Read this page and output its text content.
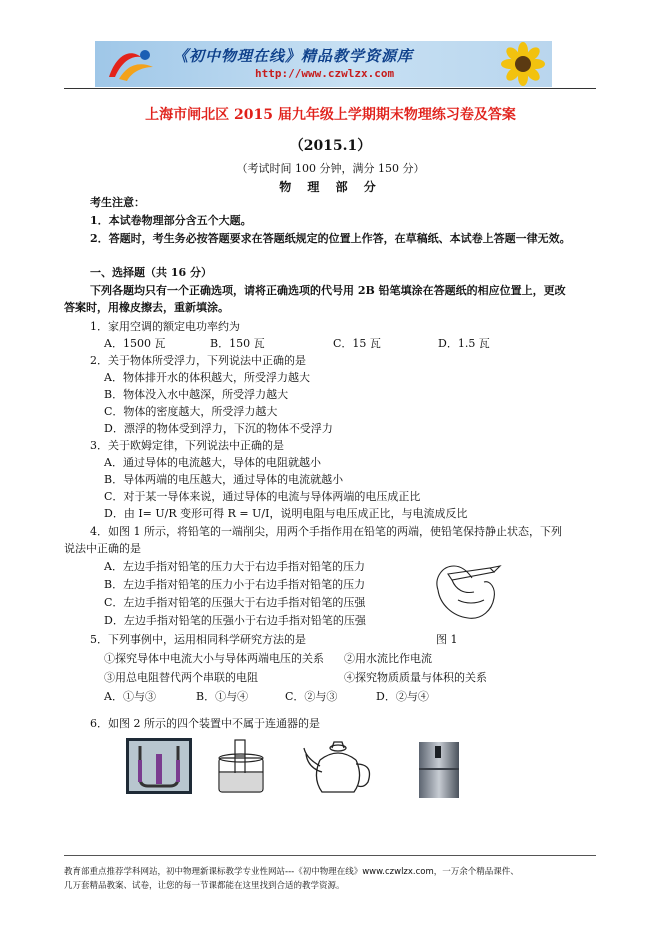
《初中物理在线》精品教学资源库
http://www.czwlzx.com
上海市闸北区 2015 届九年级上学期期末物理练习卷及答案
（2015.1）
（考试时间 100 分钟，满分 150 分）
物 理 部 分
考生注意：
1．本试卷物理部分含五个大题。
2．答题时，考生务必按答题要求在答题纸规定的位置上作答，在草稿纸、本试卷上答题一律无效。
一、选择题（共 16 分）
下列各题均只有一个正确选项，请将正确选项的代号用 2B 铅笔填涂在答题纸的相应位置上，更改
答案时，用橡皮擦去，重新填涂。
1．家用空调的额定电功率约为
A．1500 瓦	B．150 瓦	C．15 瓦	D．1.5 瓦
2．关于物体所受浮力，下列说法中正确的是
A．物体排开水的体积越大，所受浮力越大
B．物体没入水中越深，所受浮力越大
C．物体的密度越大，所受浮力越大
D．漂浮的物体受到浮力，下沉的物体不受浮力
3．关于欧姆定律，下列说法中正确的是
A．通过导体的电流越大，导体的电阻就越小
B．导体两端的电压越大，通过导体的电流就越小
C．对于某一导体来说，通过导体的电流与导体两端的电压成正比
D．由 I= U/R 变形可得 R = U/I，说明电阻与电压成正比，与电流成反比
4．如图 1 所示，将铅笔的一端削尖，用两个手指作用在铅笔的两端，使铅笔保持静止状态，下列
说法中正确的是
A．左边手指对铅笔的压力大于右边手指对铅笔的压力
B．左边手指对铅笔的压力小于右边手指对铅笔的压力
C．左边手指对铅笔的压强大于右边手指对铅笔的压强
D．左边手指对铅笔的压强小于右边手指对铅笔的压强
5．下列事例中，运用相同科学研究方法的是	图 1
①探究导体中电流大小与导体两端电压的关系 ②用水流比作电流
③用总电阻替代两个串联的电阻	④探究物质质量与体积的关系
A．①与③	B．①与④	C．②与③	D．②与④
6．如图 2 所示的四个装置中不属于连通器的是
教育部重点推荐学科网站，初中物理新课标教学专业性网站---《初中物理在线》www.czwlzx.com，一万余个精品课件、
几万套精品教案、试卷，让您的每一节课都能在这里找到合适的教学资源。
